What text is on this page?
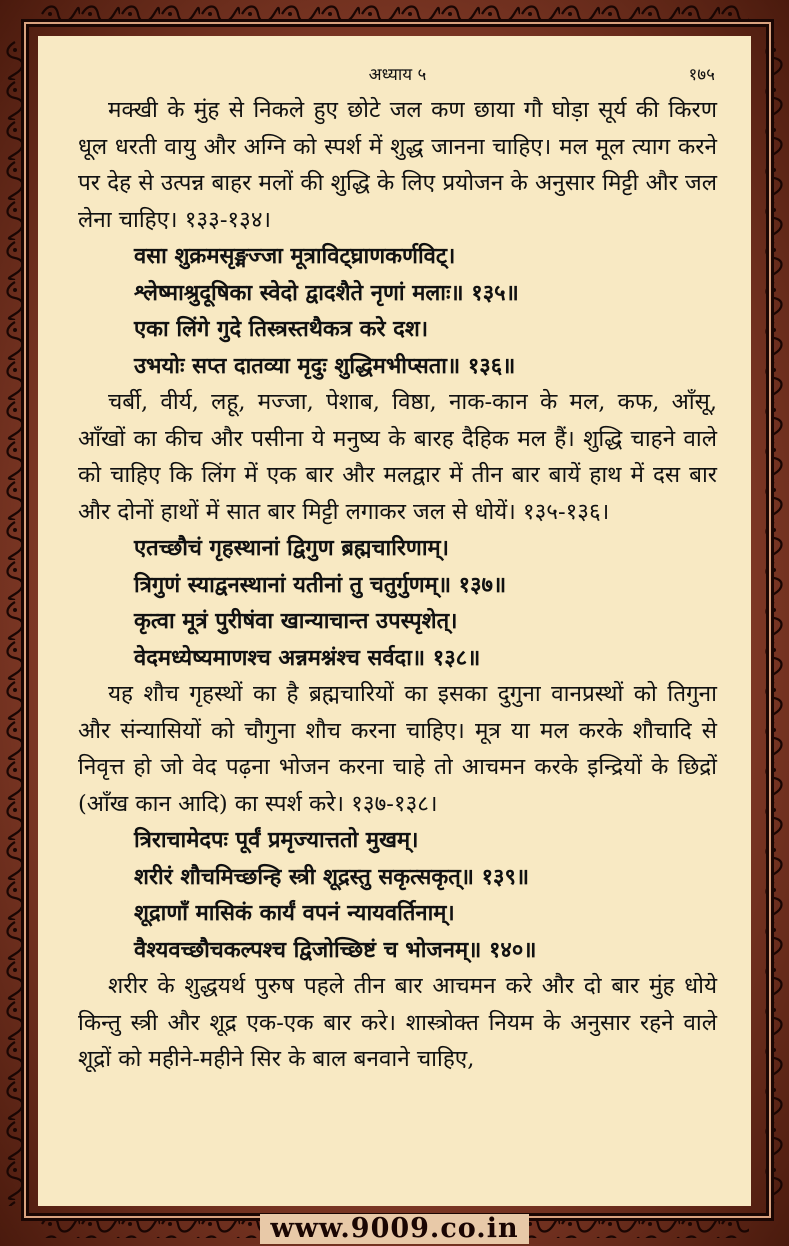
अध्याय ५	१७५

मक्खी के मुंह से निकले हुए छोटे जल कण छाया गौ घोड़ा सूर्य की किरण धूल धरती वायु और अग्नि को स्पर्श में शुद्ध जानना चाहिए। मल मूल त्याग करने पर देह से उत्पन्न बाहर मलों की शुद्धि के लिए प्रयोजन के अनुसार मिट्टी और जल लेना चाहिए। १३३-१३४।

वसा शुक्रमसृङ्मज्जा मूत्राविट्घ्राणकर्णविट्।
श्लेष्माश्रुदूषिका स्वेदो द्वादशैते नृणां मलाः॥ १३५॥
एका लिंगे गुदे तिस्त्रस्तथैकत्र करे दश।
उभयोः सप्त दातव्या मृदुः शुद्धिमभीप्सता॥ १३६॥

चर्बी, वीर्य, लहू, मज्जा, पेशाब, विष्ठा, नाक-कान के मल, कफ, आँसू, आँखों का कीच और पसीना ये मनुष्य के बारह दैहिक मल हैं। शुद्धि चाहने वाले को चाहिए कि लिंग में एक बार और मलद्वार में तीन बार बायें हाथ में दस बार और दोनों हाथों में सात बार मिट्टी लगाकर जल से धोयें। १३५-१३६।

एतच्छौचं गृहस्थानां द्विगुण ब्रह्मचारिणाम्।
त्रिगुणं स्याद्वनस्थानां यतीनां तु चतुर्गुणम्॥ १३७॥
कृत्वा मूत्रं पुरीषंवा खान्याचान्त उपस्पृशेत्।
वेदमध्येष्यमाणश्च अन्नमश्नंश्च सर्वदा॥ १३८॥

यह शौच गृहस्थों का है ब्रह्मचारियों का इसका दुगुना वानप्रस्थों को तिगुना और संन्यासियों को चौगुना शौच करना चाहिए। मूत्र या मल करके शौचादि से निवृत्त हो जो वेद पढ़ना भोजन करना चाहे तो आचमन करके इन्द्रियों के छिद्रों (आँख कान आदि) का स्पर्श करे। १३७-१३८।

त्रिराचामेदपः पूर्वं प्रमृज्यात्ततो मुखम्।
शरीरं शौचमिच्छन्हि स्त्री शूद्रस्तु सकृत्सकृत्॥ १३९॥
शूद्राणाँ मासिकं कार्यं वपनं न्यायवर्तिनाम्।
वैश्यवच्छौचकल्पश्च द्विजोच्छिष्टं च भोजनम्॥ १४०॥

शरीर के शुद्धयर्थ पुरुष पहले तीन बार आचमन करे और दो बार मुंह धोये किन्तु स्त्री और शूद्र एक-एक बार करे। शास्त्रोक्त नियम के अनुसार रहने वाले शूद्रों को महीने-महीने सिर के बाल बनवाने चाहिए,

www.9009.co.in
